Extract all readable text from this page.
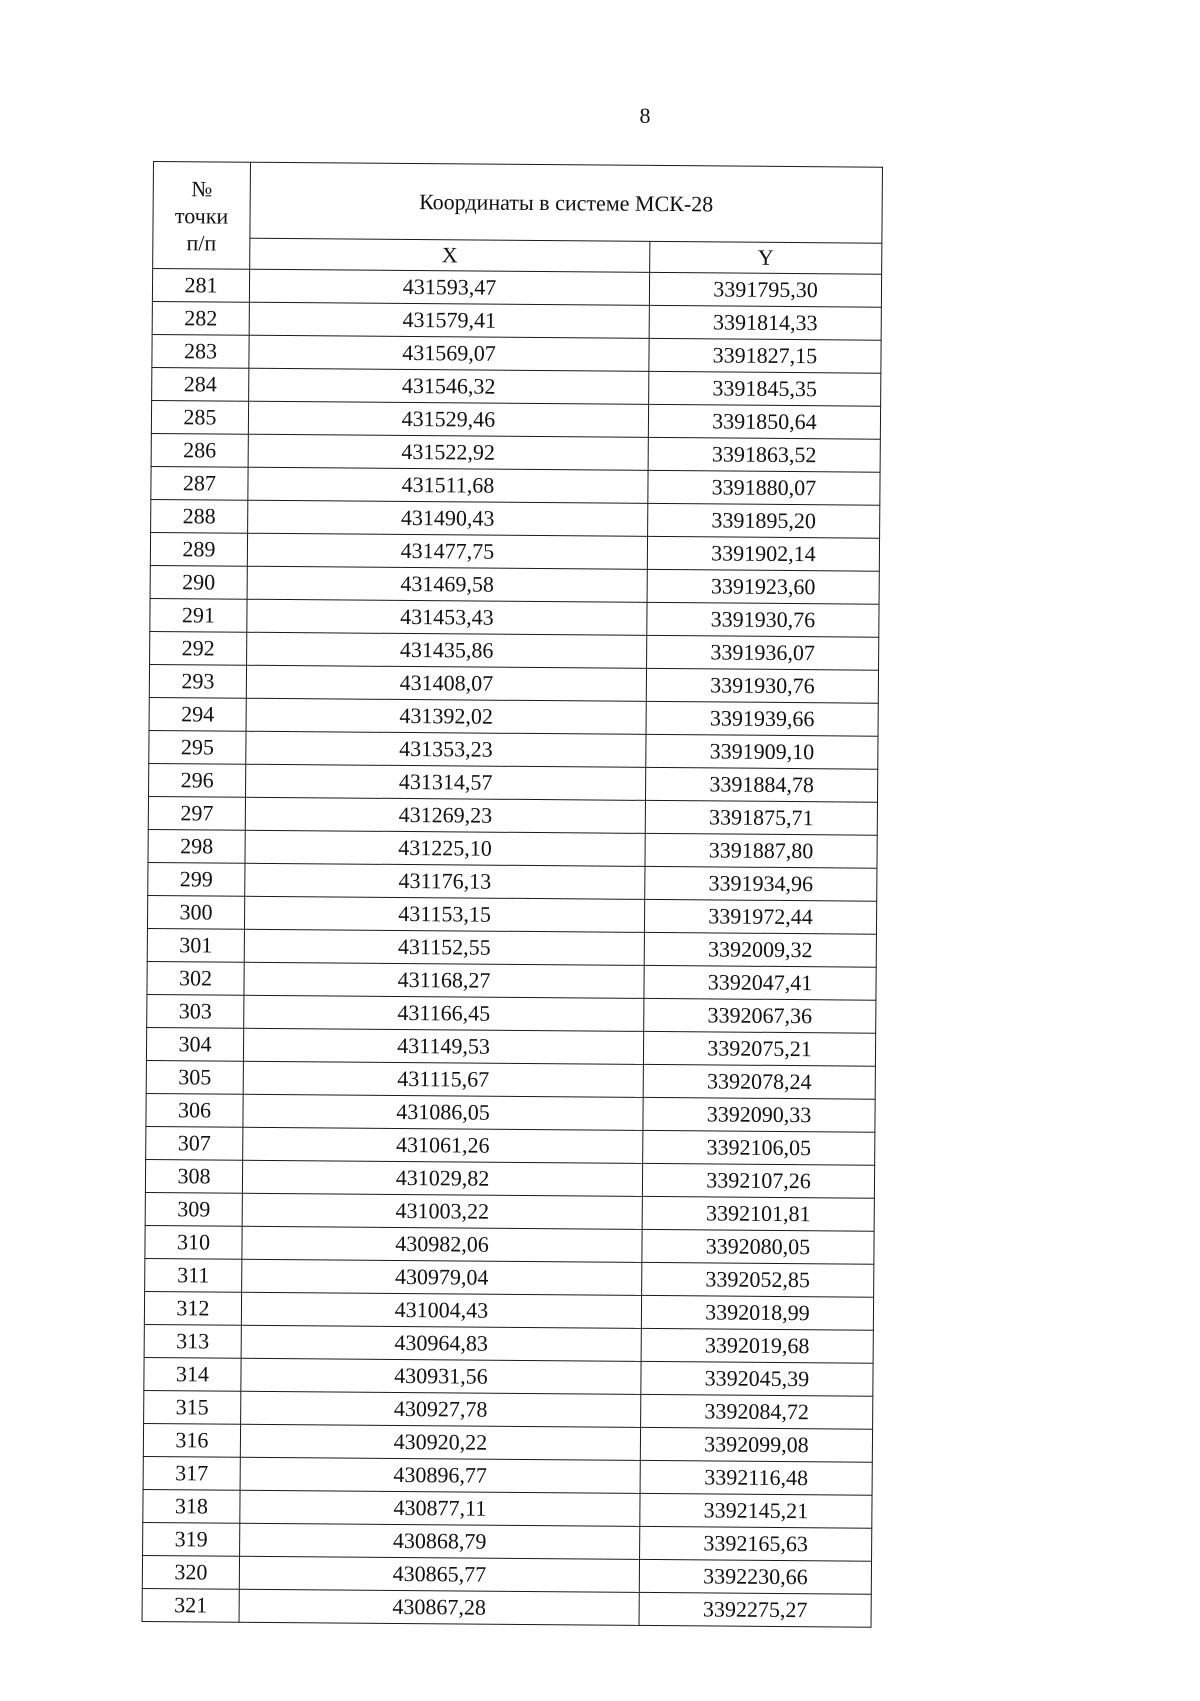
8
№
точки
п/п	Координаты в системе МСК-28	
	X	Y
281	431593,47	3391795,30
282	431579,41	3391814,33
283	431569,07	3391827,15
284	431546,32	3391845,35
285	431529,46	3391850,64
286	431522,92	3391863,52
287	431511,68	3391880,07
288	431490,43	3391895,20
289	431477,75	3391902,14
290	431469,58	3391923,60
291	431453,43	3391930,76
292	431435,86	3391936,07
293	431408,07	3391930,76
294	431392,02	3391939,66
295	431353,23	3391909,10
296	431314,57	3391884,78
297	431269,23	3391875,71
298	431225,10	3391887,80
299	431176,13	3391934,96
300	431153,15	3391972,44
301	431152,55	3392009,32
302	431168,27	3392047,41
303	431166,45	3392067,36
304	431149,53	3392075,21
305	431115,67	3392078,24
306	431086,05	3392090,33
307	431061,26	3392106,05
308	431029,82	3392107,26
309	431003,22	3392101,81
310	430982,06	3392080,05
311	430979,04	3392052,85
312	431004,43	3392018,99
313	430964,83	3392019,68
314	430931,56	3392045,39
315	430927,78	3392084,72
316	430920,22	3392099,08
317	430896,77	3392116,48
318	430877,11	3392145,21
319	430868,79	3392165,63
320	430865,77	3392230,66
321	430867,28	3392275,27
